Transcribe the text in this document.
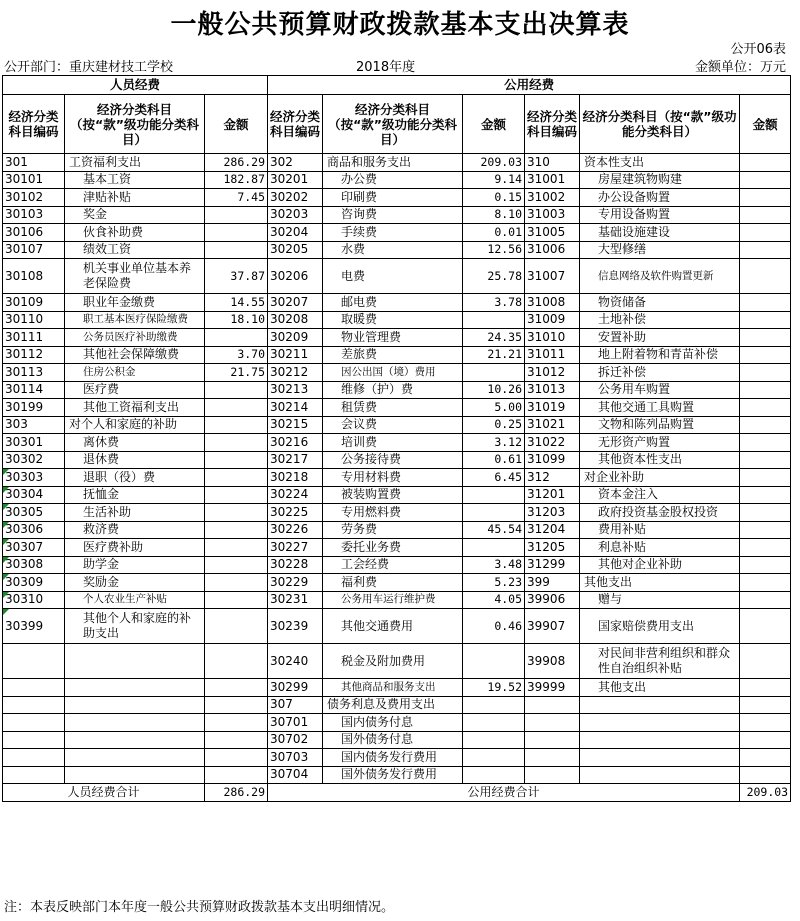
一般公共预算财政拨款基本支出决算表
公开06表
公开部门：重庆建材技工学校	2018年度	金额单位：万元
人员经费			公用经费					
经济分类科目编码	经济分类科目（按“款”级功能分类科目）	金额	经济分类科目编码	经济分类科目（按“款”级功能分类科目）	金额	经济分类科目编码	经济分类科目（按“款”级功能分类科目）	金额
301	工资福利支出	286.29	302	商品和服务支出	209.03	310	资本性支出	
30101	基本工资	182.87	30201	办公费	9.14	31001	房屋建筑物购建	
30102	津贴补贴	7.45	30202	印刷费	0.15	31002	办公设备购置	
30103	奖金		30203	咨询费	8.10	31003	专用设备购置	
30106	伙食补助费		30204	手续费	0.01	31005	基础设施建设	
30107	绩效工资		30205	水费	12.56	31006	大型修缮	
30108	机关事业单位基本养老保险费	37.87	30206	电费	25.78	31007	信息网络及软件购置更新	
30109	职业年金缴费	14.55	30207	邮电费	3.78	31008	物资储备	
30110	职工基本医疗保险缴费	18.10	30208	取暖费		31009	土地补偿	
30111	公务员医疗补助缴费		30209	物业管理费	24.35	31010	安置补助	
30112	其他社会保障缴费	3.70	30211	差旅费	21.21	31011	地上附着物和青苗补偿	
30113	住房公积金	21.75	30212	因公出国（境）费用		31012	拆迁补偿	
30114	医疗费		30213	维修（护）费	10.26	31013	公务用车购置	
30199	其他工资福利支出		30214	租赁费	5.00	31019	其他交通工具购置	
303	对个人和家庭的补助		30215	会议费	0.25	31021	文物和陈列品购置	
30301	离休费		30216	培训费	3.12	31022	无形资产购置	
30302	退休费		30217	公务接待费	0.61	31099	其他资本性支出	
30303	退职（役）费		30218	专用材料费	6.45	312	对企业补助	
30304	抚恤金		30224	被装购置费		31201	资本金注入	
30305	生活补助		30225	专用燃料费		31203	政府投资基金股权投资	
30306	救济费		30226	劳务费	45.54	31204	费用补贴	
30307	医疗费补助		30227	委托业务费		31205	利息补贴	
30308	助学金		30228	工会经费	3.48	31299	其他对企业补助	
30309	奖励金		30229	福利费	5.23	399	其他支出	
30310	个人农业生产补贴		30231	公务用车运行维护费	4.05	39906	赠与	
30399	其他个人和家庭的补助支出		30239	其他交通费用	0.46	39907	国家赔偿费用支出	
			30240	税金及附加费用		39908	对民间非营利组织和群众性自治组织补贴	
			30299	其他商品和服务支出	19.52	39999	其他支出	
			307	债务利息及费用支出				
			30701	国内债务付息				
			30702	国外债务付息				
			30703	国内债务发行费用				
			30704	国外债务发行费用				
人员经费合计		286.29	公用经费合计					209.03
注：本表反映部门本年度一般公共预算财政拨款基本支出明细情况。
